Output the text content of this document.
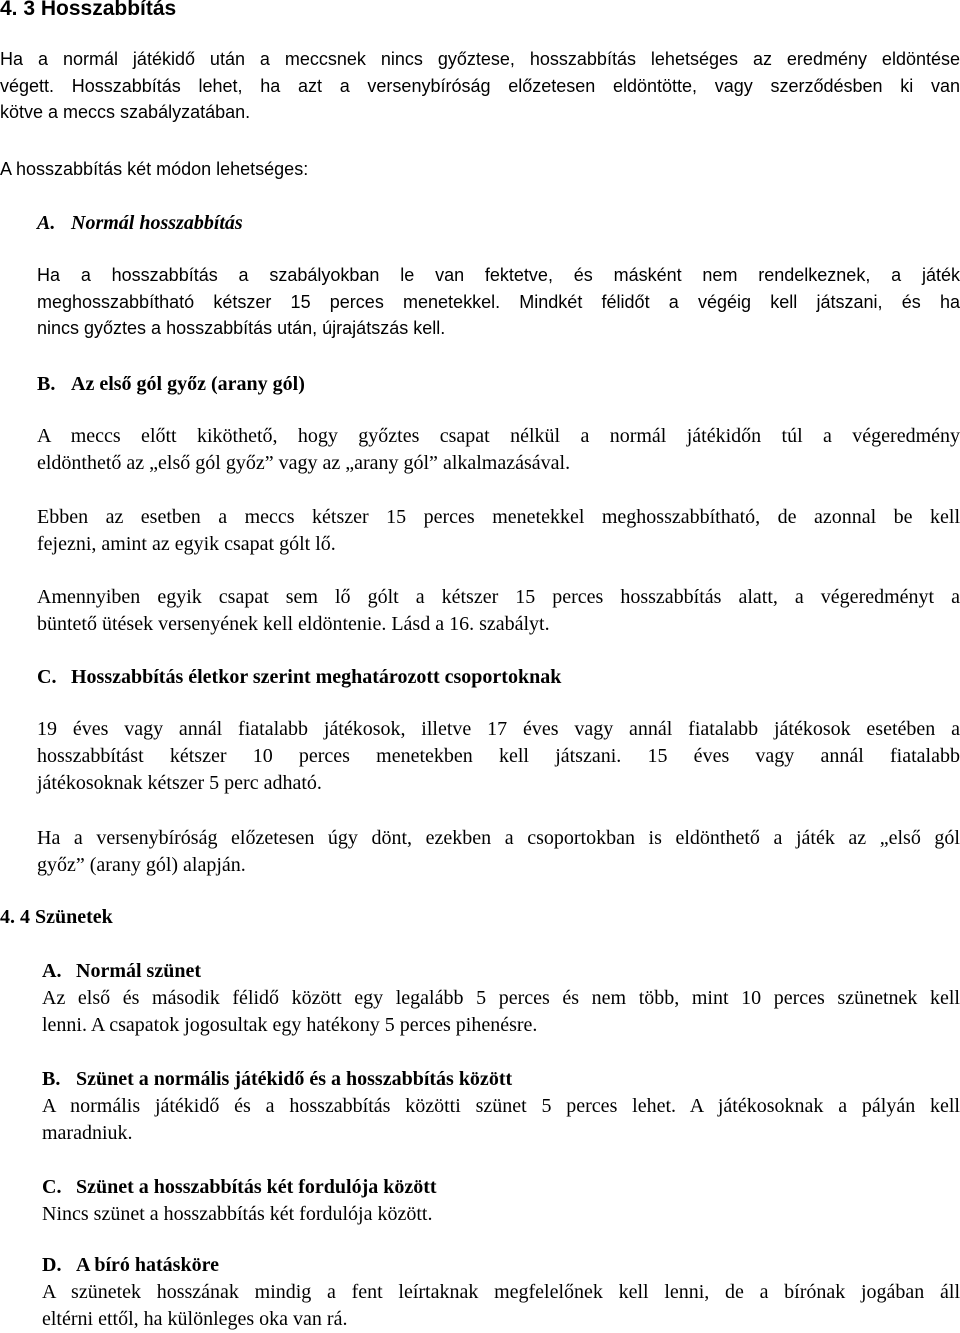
4. 3 Hosszabbítás
Ha a normál játékidő után a meccsnek nincs győztese, hosszabbítás lehetséges az eredmény eldöntése
végett. Hosszabbítás lehet, ha azt a versenybíróság előzetesen eldöntötte, vagy szerződésben ki van
kötve a meccs szabályzatában.
A hosszabbítás két módon lehetséges:
A. Normál hosszabbítás
Ha a hosszabbítás a szabályokban le van fektetve, és másként nem rendelkeznek, a játék
meghosszabbítható kétszer 15 perces menetekkel. Mindkét félidőt a végéig kell játszani, és ha
nincs győztes a hosszabbítás után, újrajátszás kell.
B. Az első gól győz (arany gól)
A meccs előtt kiköthető, hogy győztes csapat nélkül a normál játékidőn túl a végeredmény
eldönthető az „első gól győz” vagy az „arany gól” alkalmazásával.
Ebben az esetben a meccs kétszer 15 perces menetekkel meghosszabbítható, de azonnal be kell
fejezni, amint az egyik csapat gólt lő.
Amennyiben egyik csapat sem lő gólt a kétszer 15 perces hosszabbítás alatt, a végeredményt a
büntető ütések versenyének kell eldöntenie. Lásd a 16. szabályt.
C. Hosszabbítás életkor szerint meghatározott csoportoknak
19 éves vagy annál fiatalabb játékosok, illetve 17 éves vagy annál fiatalabb játékosok esetében a
hosszabbítást kétszer 10 perces menetekben kell játszani. 15 éves vagy annál fiatalabb
játékosoknak kétszer 5 perc adható.
Ha a versenybíróság előzetesen úgy dönt, ezekben a csoportokban is eldönthető a játék az „első gól
győz” (arany gól) alapján.
4. 4 Szünetek
A. Normál szünet
Az első és második félidő között egy legalább 5 perces és nem több, mint 10 perces szünetnek kell
lenni. A csapatok jogosultak egy hatékony 5 perces pihenésre.
B. Szünet a normális játékidő és a hosszabbítás között
A normális játékidő és a hosszabbítás közötti szünet 5 perces lehet. A játékosoknak a pályán kell
maradniuk.
C. Szünet a hosszabbítás két fordulója között
Nincs szünet a hosszabbítás két fordulója között.
D. A bíró hatásköre
A szünetek hosszának mindig a fent leírtaknak megfelelőnek kell lenni, de a bírónak jogában áll
eltérni ettől, ha különleges oka van rá.
